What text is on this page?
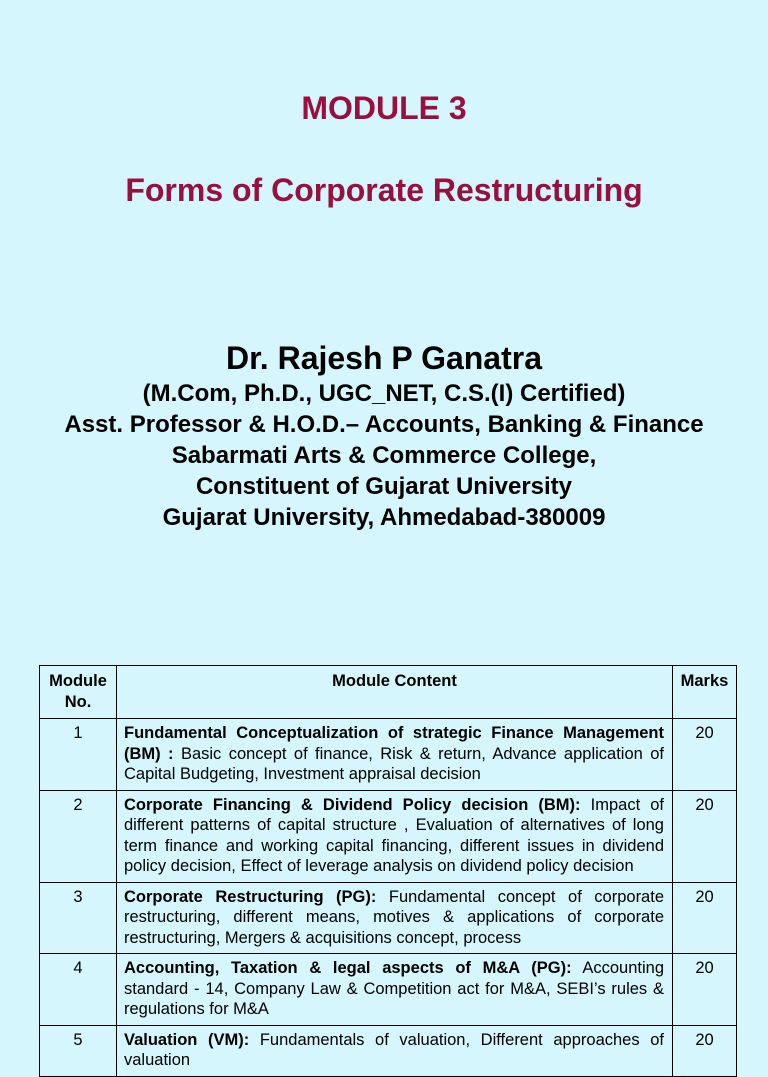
MODULE 3
Forms of Corporate Restructuring
Dr. Rajesh P Ganatra
(M.Com, Ph.D., UGC_NET, C.S.(I) Certified)
Asst. Professor & H.O.D.– Accounts, Banking & Finance
Sabarmati Arts & Commerce College,
Constituent of Gujarat University
Gujarat University, Ahmedabad-380009
Module No.	Module Content	Marks
1	Fundamental Conceptualization of strategic Finance Management (BM) : Basic concept of finance, Risk & return, Advance application of Capital Budgeting, Investment appraisal decision	20
2	Corporate Financing & Dividend Policy decision (BM): Impact of different patterns of capital structure , Evaluation of alternatives of long term finance and working capital financing, different issues in dividend policy decision, Effect of leverage analysis on dividend policy decision	20
3	Corporate Restructuring (PG): Fundamental concept of corporate restructuring, different means, motives & applications of corporate restructuring, Mergers & acquisitions concept, process	20
4	Accounting, Taxation & legal aspects of M&A (PG): Accounting standard - 14, Company Law & Competition act for M&A, SEBI’s rules & regulations for M&A	20
5	Valuation (VM): Fundamentals of valuation, Different approaches of valuation	20
